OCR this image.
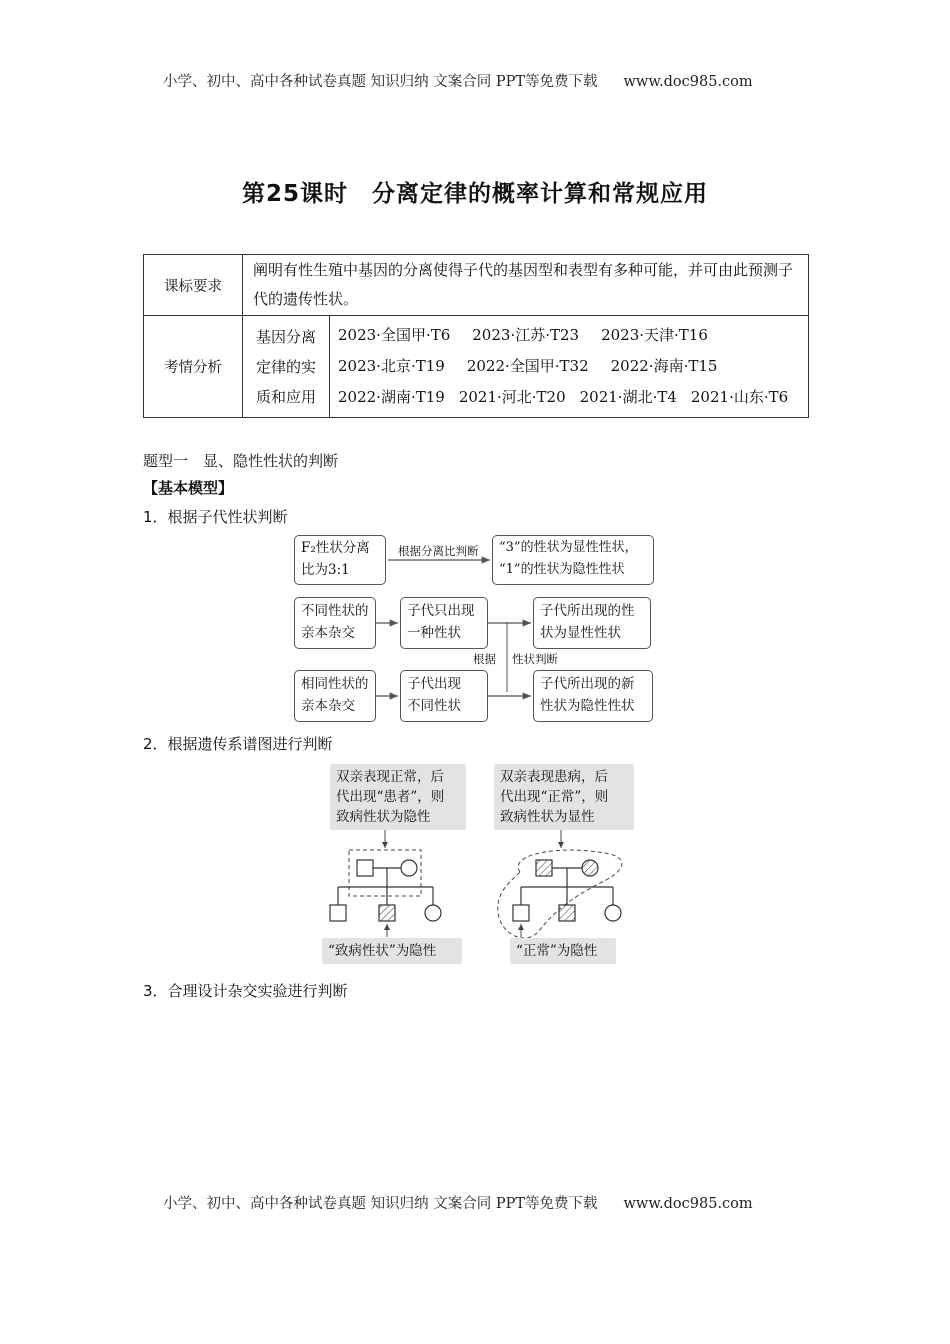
小学、初中、高中各种试卷真题 知识归纳 文案合同 PPT等免费下载 www.doc985.com
第25课时　分离定律的概率计算和常规应用
课标要求	阐明有性生殖中基因的分离使得子代的基因型和表型有多种可能，并可由此预测子代的遗传性状。	
考情分析	基因分离定律的实质和应用	2023·全国甲·T6 2023·江苏·T23 2023·天津·T16
2023·北京·T19 2022·全国甲·T32 2022·海南·T15
2022·湖南·T19 2021·河北·T20 2021·湖北·T4 2021·山东·T6
题型一　显、隐性性状的判断
【基本模型】
1．根据子代性状判断
F₂性状分离
比为3:1
根据分离比判断 “3”的性状为显性性状，
“1”的性状为隐性性状
不同性状的
亲本杂交
子代只出现
一种性状
子代所出现的性
状为显性性状
根据 性状判断
相同性状的
亲本杂交
子代出现
不同性状
子代所出现的新
性状为隐性性状
2．根据遗传系谱图进行判断
双亲表现正常，后
代出现“患者”，则
致病性状为隐性
双亲表现患病，后
代出现“正常”，则
致病性状为显性
“致病性状”为隐性	“正常”为隐性
3．合理设计杂交实验进行判断
小学、初中、高中各种试卷真题 知识归纳 文案合同 PPT等免费下载 www.doc985.com
